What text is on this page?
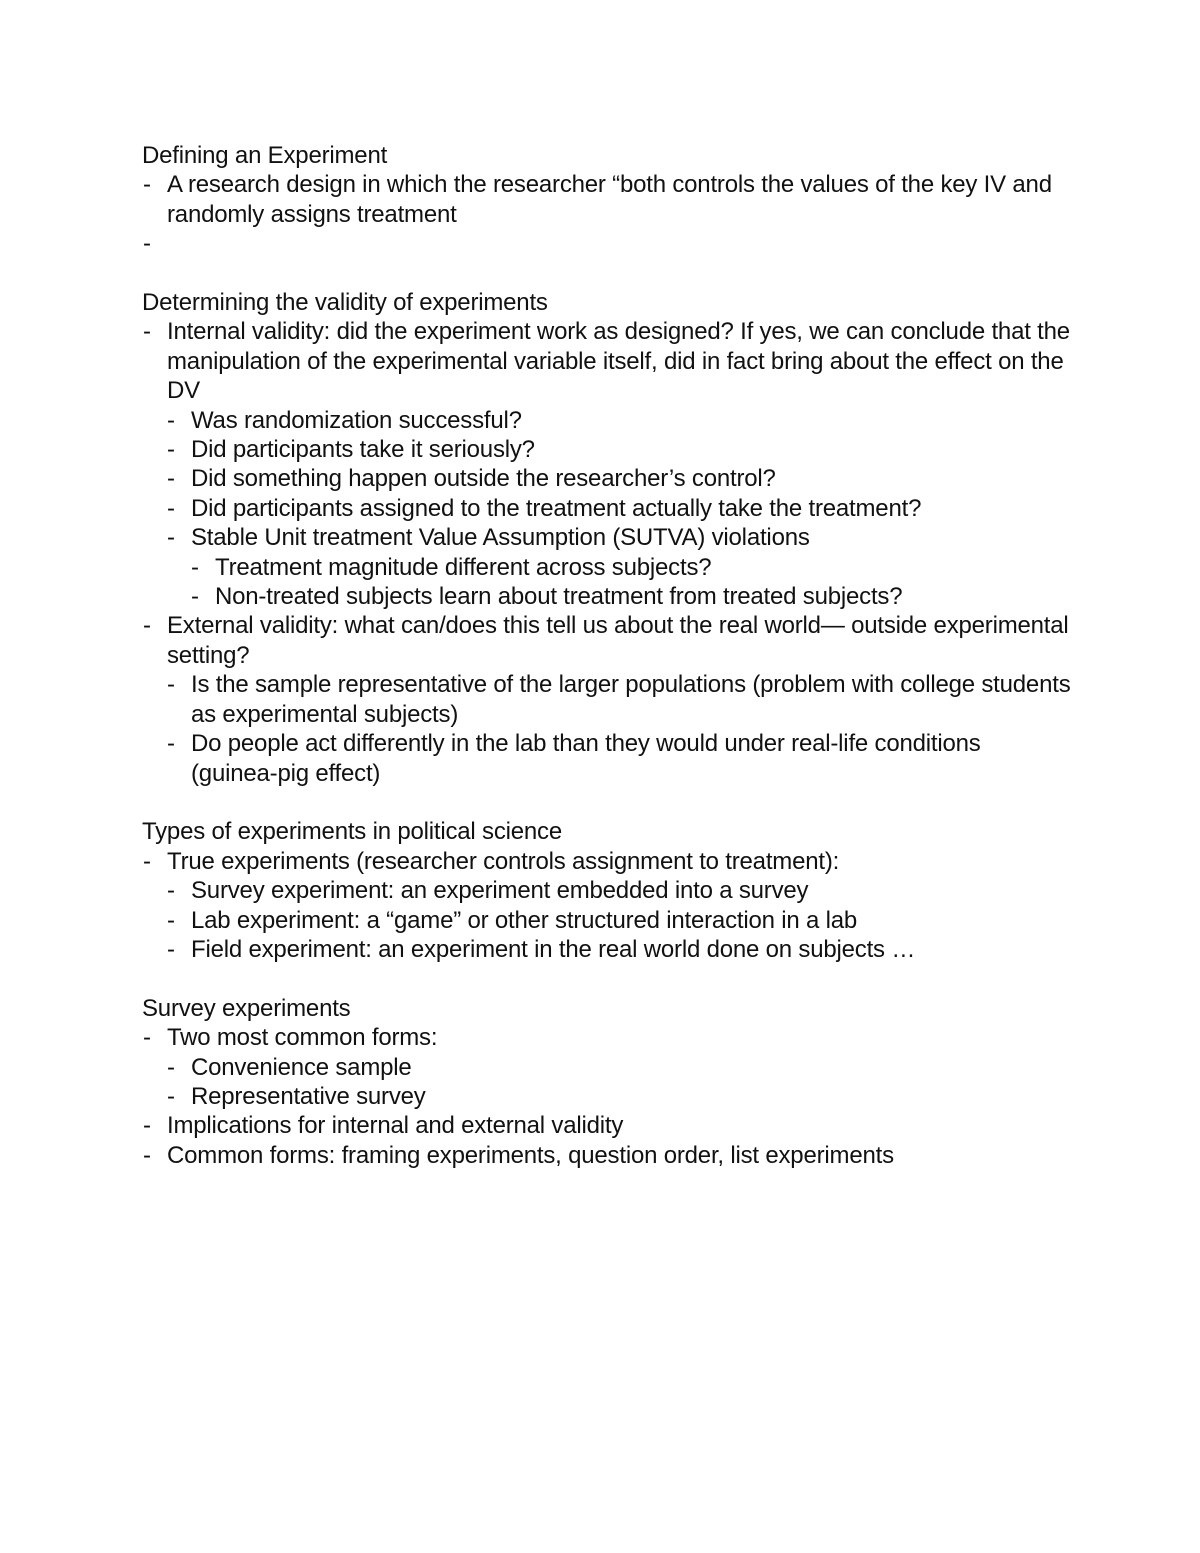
Defining an Experiment
- A research design in which the researcher “both controls the values of the key IV and randomly assigns treatment
-
Determining the validity of experiments
- Internal validity: did the experiment work as designed? If yes, we can conclude that the manipulation of the experimental variable itself, did in fact bring about the effect on the DV
- Was randomization successful?
- Did participants take it seriously?
- Did something happen outside the researcher’s control?
- Did participants assigned to the treatment actually take the treatment?
- Stable Unit treatment Value Assumption (SUTVA) violations
- Treatment magnitude different across subjects?
- Non-treated subjects learn about treatment from treated subjects?
- External validity: what can/does this tell us about the real world— outside experimental setting?
- Is the sample representative of the larger populations (problem with college students as experimental subjects)
- Do people act differently in the lab than they would under real-life conditions (guinea-pig effect)
Types of experiments in political science
- True experiments (researcher controls assignment to treatment):
- Survey experiment: an experiment embedded into a survey
- Lab experiment: a “game” or other structured interaction in a lab
- Field experiment: an experiment in the real world done on subjects …
Survey experiments
- Two most common forms:
- Convenience sample
- Representative survey
- Implications for internal and external validity
- Common forms: framing experiments, question order, list experiments
